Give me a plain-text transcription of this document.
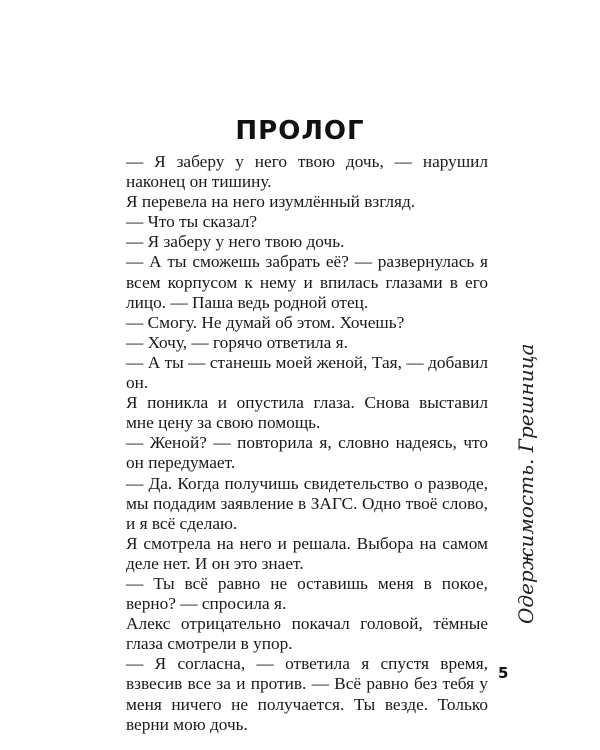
ПРОЛОГ

— Я заберу у него твою дочь, — нарушил наконец он тишину.

Я перевела на него изумлённый взгляд.

— Что ты сказал?

— Я заберу у него твою дочь.

— А ты сможешь забрать её? — развернулась я всем корпусом к нему и впилась глазами в его лицо. — Паша ведь родной отец.

— Смогу. Не думай об этом. Хочешь?

— Хочу, — горячо ответила я.

— А ты — станешь моей женой, Тая, — добавил он.

Я поникла и опустила глаза. Снова выставил мне цену за свою помощь.

— Женой? — повторила я, словно надеясь, что он передумает.

— Да. Когда получишь свидетельство о разводе, мы подадим заявление в ЗАГС. Одно твоё слово, и я всё сделаю.

Я смотрела на него и решала. Выбора на самом деле нет. И он это знает.

— Ты всё равно не оставишь меня в покое, верно? — спросила я.

Алекс отрицательно покачал головой, тёмные глаза смотрели в упор.

— Я согласна, — ответила я спустя время, взвесив все за и против. — Всё равно без тебя у меня ничего не получается. Ты везде. Только верни мою дочь.

Одержимость. Грешница
5
